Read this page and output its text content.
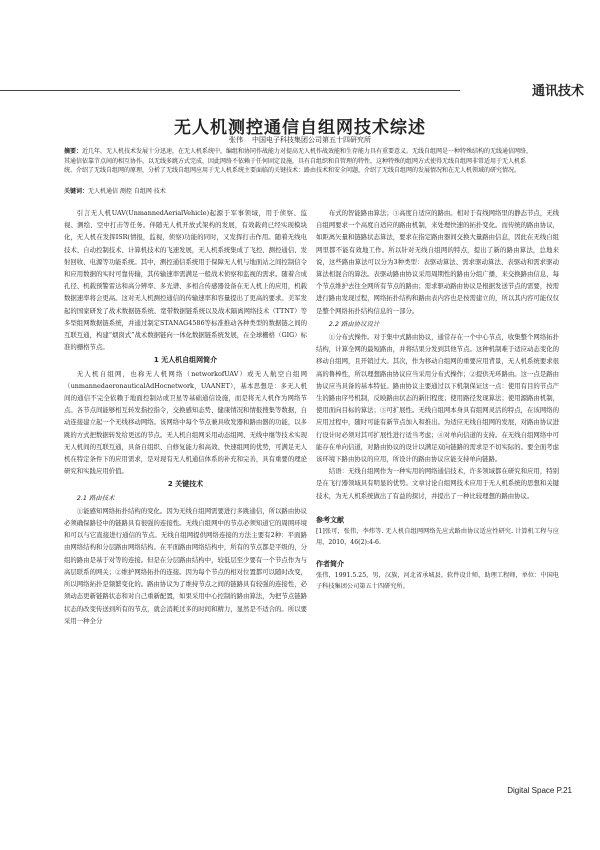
通讯技术
无人机测控通信自组网技术综述
张伟 中国电子科技集团公司第五十四研究所
摘要：近几年，无人机技术发展十分迅速，在无人机系统中，编组和协同作战能力对提高无人机作战效能和生存能力具有重要意义。无线自组网是一种特殊结构的无线通信网络，其通信依靠节点间的相互协作，以无线多跳方式完成，因此网络不依赖于任何固定设施，具有自组织和自管理的特性，这种特殊的组网方式使得无线自组网非常适用于无人机系统。介绍了无线自组网的原理，分析了无线自组网应用于无人机系统主要面临的关键技术：路由技术和安全问题，介绍了无线自组网的发展情况和在无人机领域的研究情况。
关键词：无人机通信 测控 自组网 技术

引言无人机UAV(UnmannedAerialVehicle)起源于军事领域，用于侦察、监视、测绘、空中打击等任务。伴随无人机开放式架构的发展，有效载荷已经实现模块化，无人机在发挥ISR(情报，监视，侦察)功能的同时，又发挥打击作用。随着无线电技术、自动控制技术、计算机技术的飞速发展，无人机系统集成了飞控、测控通信、发射回收、电源等功能系统。其中，测控通信系统用于保障无人机与地面站之间控制信令和应用数据的实时可靠传输，其传输速率需满足一般战术侦察和监视的需求。随着合成孔径、机载预警雷达和高分辨率、多光谱、多相合传感器设备在无人机上的应用，机载数据速率将会更高。这对无人机测控通信的传输速率和容量提出了更高的要求。美军发起的国家研发了战术数据链系统、宽带数据链系统以及战术隔离网络技术（TTNT）等多型组网数据链系统，并通过制定STANAG4586等标准推动各种类型的数据链之间的互联互通，构建“烟囱式”战术数据链向一体化数据链系统发展，在全球栅格（GIG）标准的栅格节点。

1 无人机自组网简介

无人机自组网，也称无人机网络（networkofUAV）或无人航空自组网（unmannedaeronauticalAdHocnetwork，UAANET），基本思想是：多无人机间的通信不完全依赖于地面控制站或卫星等基础通信设施，而是将无人机作为网络节点。各节点间能够相互转发指控指令，交换感知态势、健康情况和情报搜集等数据，自动连接建立起一个无线移动网络。该网络中每个节点兼具收发器和路由器的功能，以多跳的方式把数据转发给更远的节点。无人机自组网采用动态组网、无线中继等技术实现无人机间的互联互通，具备自组织、自修复能力和高效、快速组网的优势，可满足无人机在特定条件下的应用需求，是对现有无人机通信体系的补充和完善，具有重要的理论研究和实践应用价值。

2 关键技术
2.1 路由技术

①能感知网络拓扑结构的变化。因为无线自组网需要进行多跳通信，所以路由协议必须确保路径中的链路具有很强的连接性。无线自组网中的节点必须知道它的周围环境和可以与它直接进行通信的节点。无线自组网提供网络连接的方法主要有2种：平面路由网络结构和分层路由网络结构。在平面路由网络结构中，所有的节点都是平级的，分组的路由是基于对等的连接。但是在分层路由结构中，较低层至少要有一个节点作为与高层联系的网关；②维护网络拓扑的连接。因为每个节点的相对位置都可以随时改变，所以网络拓扑是频繁变化的。路由协议为了维持节点之间的链路具有较强的连接性，必须动态更新链路状态和对自己重新配置，如果采用中心控制的路由算法，为把节点链路状态的改变传送到所有的节点，就会消耗过多的时间和精力，显然是不适合的。所以要采用一种全分

布式的智能路由算法；③高度自适应的路由。相对于有线网络里的静态节点，无线自组网要求一个高度自适应的路由机制，来处理快速的拓扑变化。而传统的路由协议，如距离矢量和链路状态算法，要求在指定路由器间交换大量路由信息，因此在无线自组网里都不能有效地工作。所以针对无线自组网的特点，提出了新的路由算法，总地来说，这些路由算法可以分为3种类型：表驱动算法、需求驱动算法、表驱动和需求驱动算法相混合的算法。表驱动路由协议采用周期性的路由分组广播，来交换路由信息，每个节点维护去往全网所有节点的路由；需求驱动路由协议是根据发送节点的需要，按需进行路由发现过程，网络拓扑结构和路由表内容也是按需建立的，所以其内容可能仅仅是整个网络拓扑结构信息的一部分。

2.2 路由协议设计

①分布式操作。对于集中式路由协议，通常存在一个中心节点，收集整个网络拓扑结构，计算全网的最短路由，并将结果分发到其他节点。这种机制难于适应动态变化的移动自组网，且开销过大。其次，作为移动自组网的重要应用背景，无人机系统要求很高的鲁棒性，所以理想路由协议应当采用分布式操作；②提供无环路由。这一点是路由协议应当具备的基本特征。路由协议主要通过以下机制保证这一点：使用有目的节点产生的路由序号机制，反映路由状态的新旧程度；使用路径发现算法；使用源路由机制，使用面向目标的算法；③可扩展性。无线自组网本身具有组网灵活的特点，在该网络的应用过程中，随时可能有新节点加入和推出。为适应无线自组网的发展，对路由协议进行设计时必须对其可扩展性进行适当考虑；④对单向信道的支持。在无线自组网络中可能存在单向信道，对路由协议的设计以满足双向链路的需求是不切实际的。要全面考虑该环境下路由协议的应用，所设计的路由协议应能支持单向链路。

结语：无线自组网作为一种实用的网络通信技术，许多领域都在研究和应用，特别是在飞行器领域具有明显的优势。文章讨论自组网技术应用于无人机系统的思想和关键技术，为无人机系统做出了有益的探讨，并提出了一种比较理想的路由协议。

参考文献
[1]张可，张伟，李炜等. 无人机自组网网络先应式路由协议适应性研究. 计算机工程与应用，2010，46(2):4-6.
作者简介
张伟，1991.5.25，男，汉族，河北省承城县，软件设计师，助理工程师，单位：中国电子科技集团公司第五十四研究所。
Digital Space P.21
